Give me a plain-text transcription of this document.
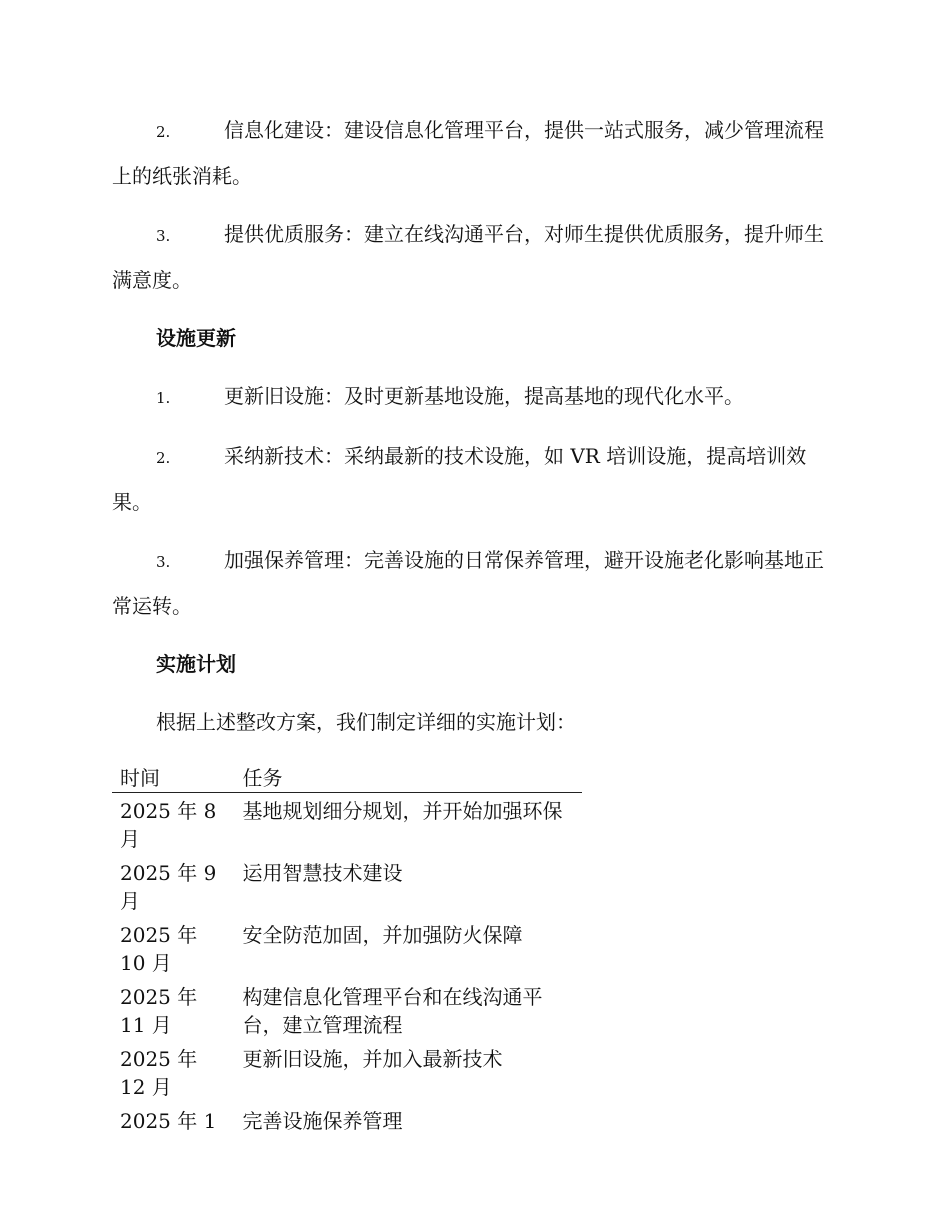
2.	信息化建设：建设信息化管理平台，提供一站式服务，减少管理流程上的纸张消耗。

3.	提供优质服务：建立在线沟通平台，对师生提供优质服务，提升师生满意度。

设施更新

1.	更新旧设施：及时更新基地设施，提高基地的现代化水平。

2.	采纳新技术：采纳最新的技术设施，如 VR 培训设施，提高培训效果。

3.	加强保养管理：完善设施的日常保养管理，避开设施老化影响基地正常运转。

实施计划

根据上述整改方案，我们制定详细的实施计划：

时间	任务
2025 年 8 月	基地规划细分规划，并开始加强环保
2025 年 9 月	运用智慧技术建设
2025 年 10 月	安全防范加固，并加强防火保障
2025 年 11 月	构建信息化管理平台和在线沟通平台，建立管理流程
2025 年 12 月	更新旧设施，并加入最新技术
2025 年 1	完善设施保养管理
